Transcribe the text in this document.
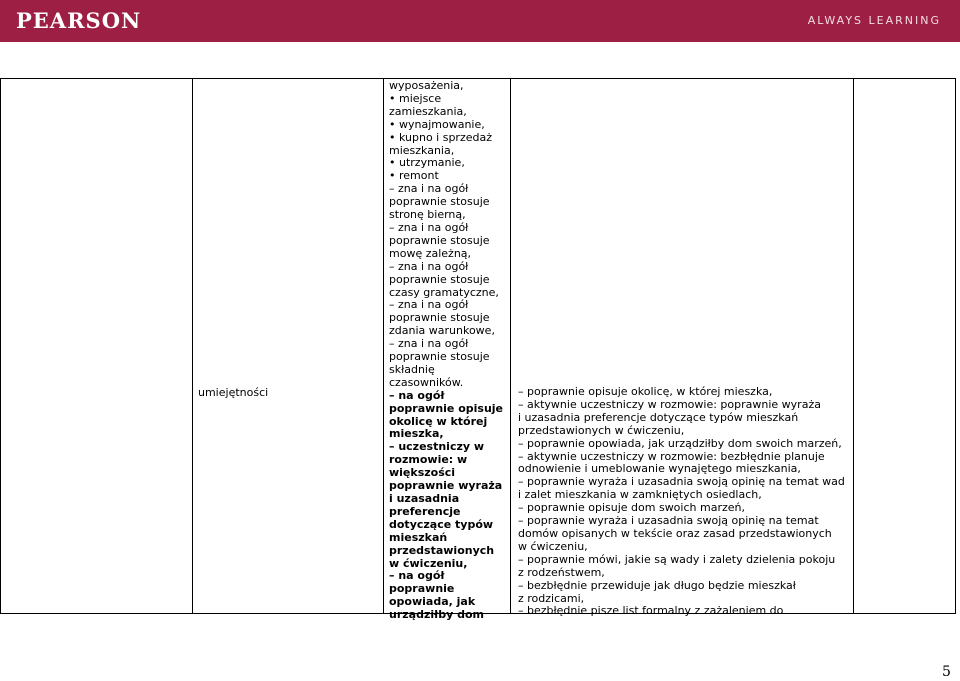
PEARSON	ALWAYS LEARNING
umiejętności
wyposażenia,
• miejsce
zamieszkania,
• wynajmowanie,
• kupno i sprzedaż
mieszkania,
• utrzymanie,
• remont
– zna i na ogół
poprawnie stosuje
stronę bierną,
– zna i na ogół
poprawnie stosuje
mowę zależną,
– zna i na ogół
poprawnie stosuje
czasy gramatyczne,
– zna i na ogół
poprawnie stosuje
zdania warunkowe,
– zna i na ogół
poprawnie stosuje
składnię
czasowników.
– na ogół
poprawnie opisuje
okolicę w której
mieszka,
– uczestniczy w
rozmowie: w
większości
poprawnie wyraża
i uzasadnia
preferencje
dotyczące typów
mieszkań
przedstawionych
w ćwiczeniu,
– na ogół
poprawnie
opowiada, jak
urządziłby dom
– poprawnie opisuje okolicę, w której mieszka,
– aktywnie uczestniczy w rozmowie: poprawnie wyraża
i uzasadnia preferencje dotyczące typów mieszkań
przedstawionych w ćwiczeniu,
– poprawnie opowiada, jak urządziłby dom swoich marzeń,
– aktywnie uczestniczy w rozmowie: bezbłędnie planuje
odnowienie i umeblowanie wynajętego mieszkania,
– poprawnie wyraża i uzasadnia swoją opinię na temat wad
i zalet mieszkania w zamkniętych osiedlach,
– poprawnie opisuje dom swoich marzeń,
– poprawnie wyraża i uzasadnia swoją opinię na temat
domów opisanych w tekście oraz zasad przedstawionych
w ćwiczeniu,
– poprawnie mówi, jakie są wady i zalety dzielenia pokoju
z rodzeństwem,
– bezbłędnie przewiduje jak długo będzie mieszkał
z rodzicami,
– bezbłędnie pisze list formalny z zażaleniem do
5
